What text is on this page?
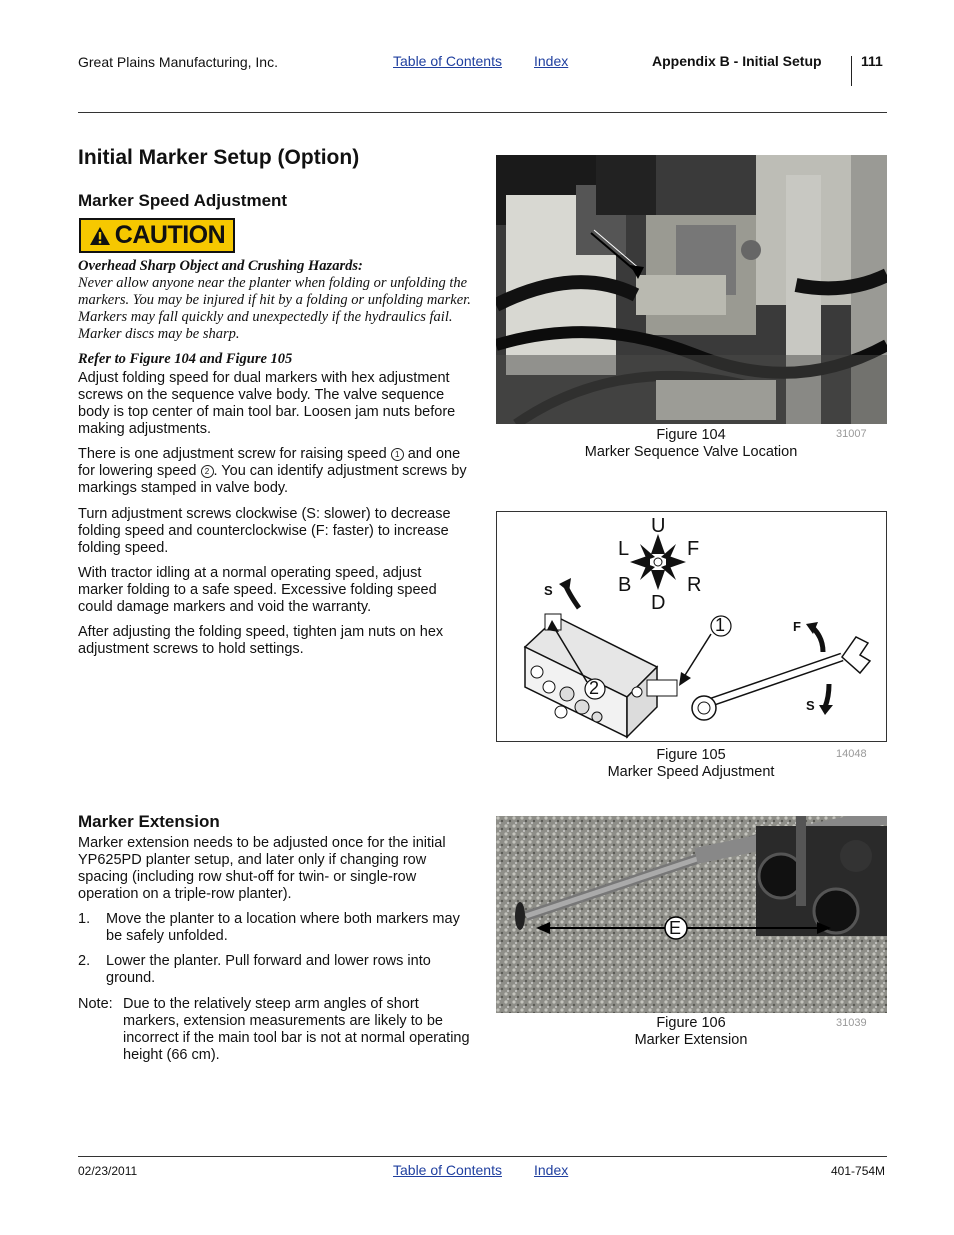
Great Plains Manufacturing, Inc.	Table of Contents Index	Appendix B - Initial Setup	111
Initial Marker Setup (Option)
Marker Speed Adjustment
CAUTION
Overhead Sharp Object and Crushing Hazards:
Never allow anyone near the planter when folding or unfolding the markers. You may be injured if hit by a folding or unfolding marker. Markers may fall quickly and unexpectedly if the hydraulics fail. Marker discs may be sharp.
Refer to Figure 104 and Figure 105
Adjust folding speed for dual markers with hex adjustment screws on the sequence valve body. The valve sequence body is top center of main tool bar. Loosen jam nuts before making adjustments.
There is one adjustment screw for raising speed 1 and one for lowering speed 2 . You can identify adjustment screws by markings stamped in valve body.
Turn adjustment screws clockwise (S: slower) to decrease folding speed and counterclockwise (F: faster) to increase folding speed.
With tractor idling at a normal operating speed, adjust marker folding to a safe speed. Excessive folding speed could damage markers and void the warranty.
After adjusting the folding speed, tighten jam nuts on hex adjustment screws to hold settings.
Marker Extension
Marker extension needs to be adjusted once for the initial YP625PD planter setup, and later only if changing row spacing (including row shut-off for twin- or single-row operation on a triple-row planter).
1. Move the planter to a location where both markers may be safely unfolded.
2. Lower the planter. Pull forward and lower rows into ground.
Note: Due to the relatively steep arm angles of short markers, extension measurements are likely to be incorrect if the main tool bar is not at normal operating height (66 cm).
Figure 104
Marker Sequence Valve Location
31007
U
D
L	F
B	R
S
F
S
1
2
Figure 105
Marker Speed Adjustment
14048
E
Figure 106
Marker Extension
31039
02/23/2011	Table of Contents Index	401-754M
